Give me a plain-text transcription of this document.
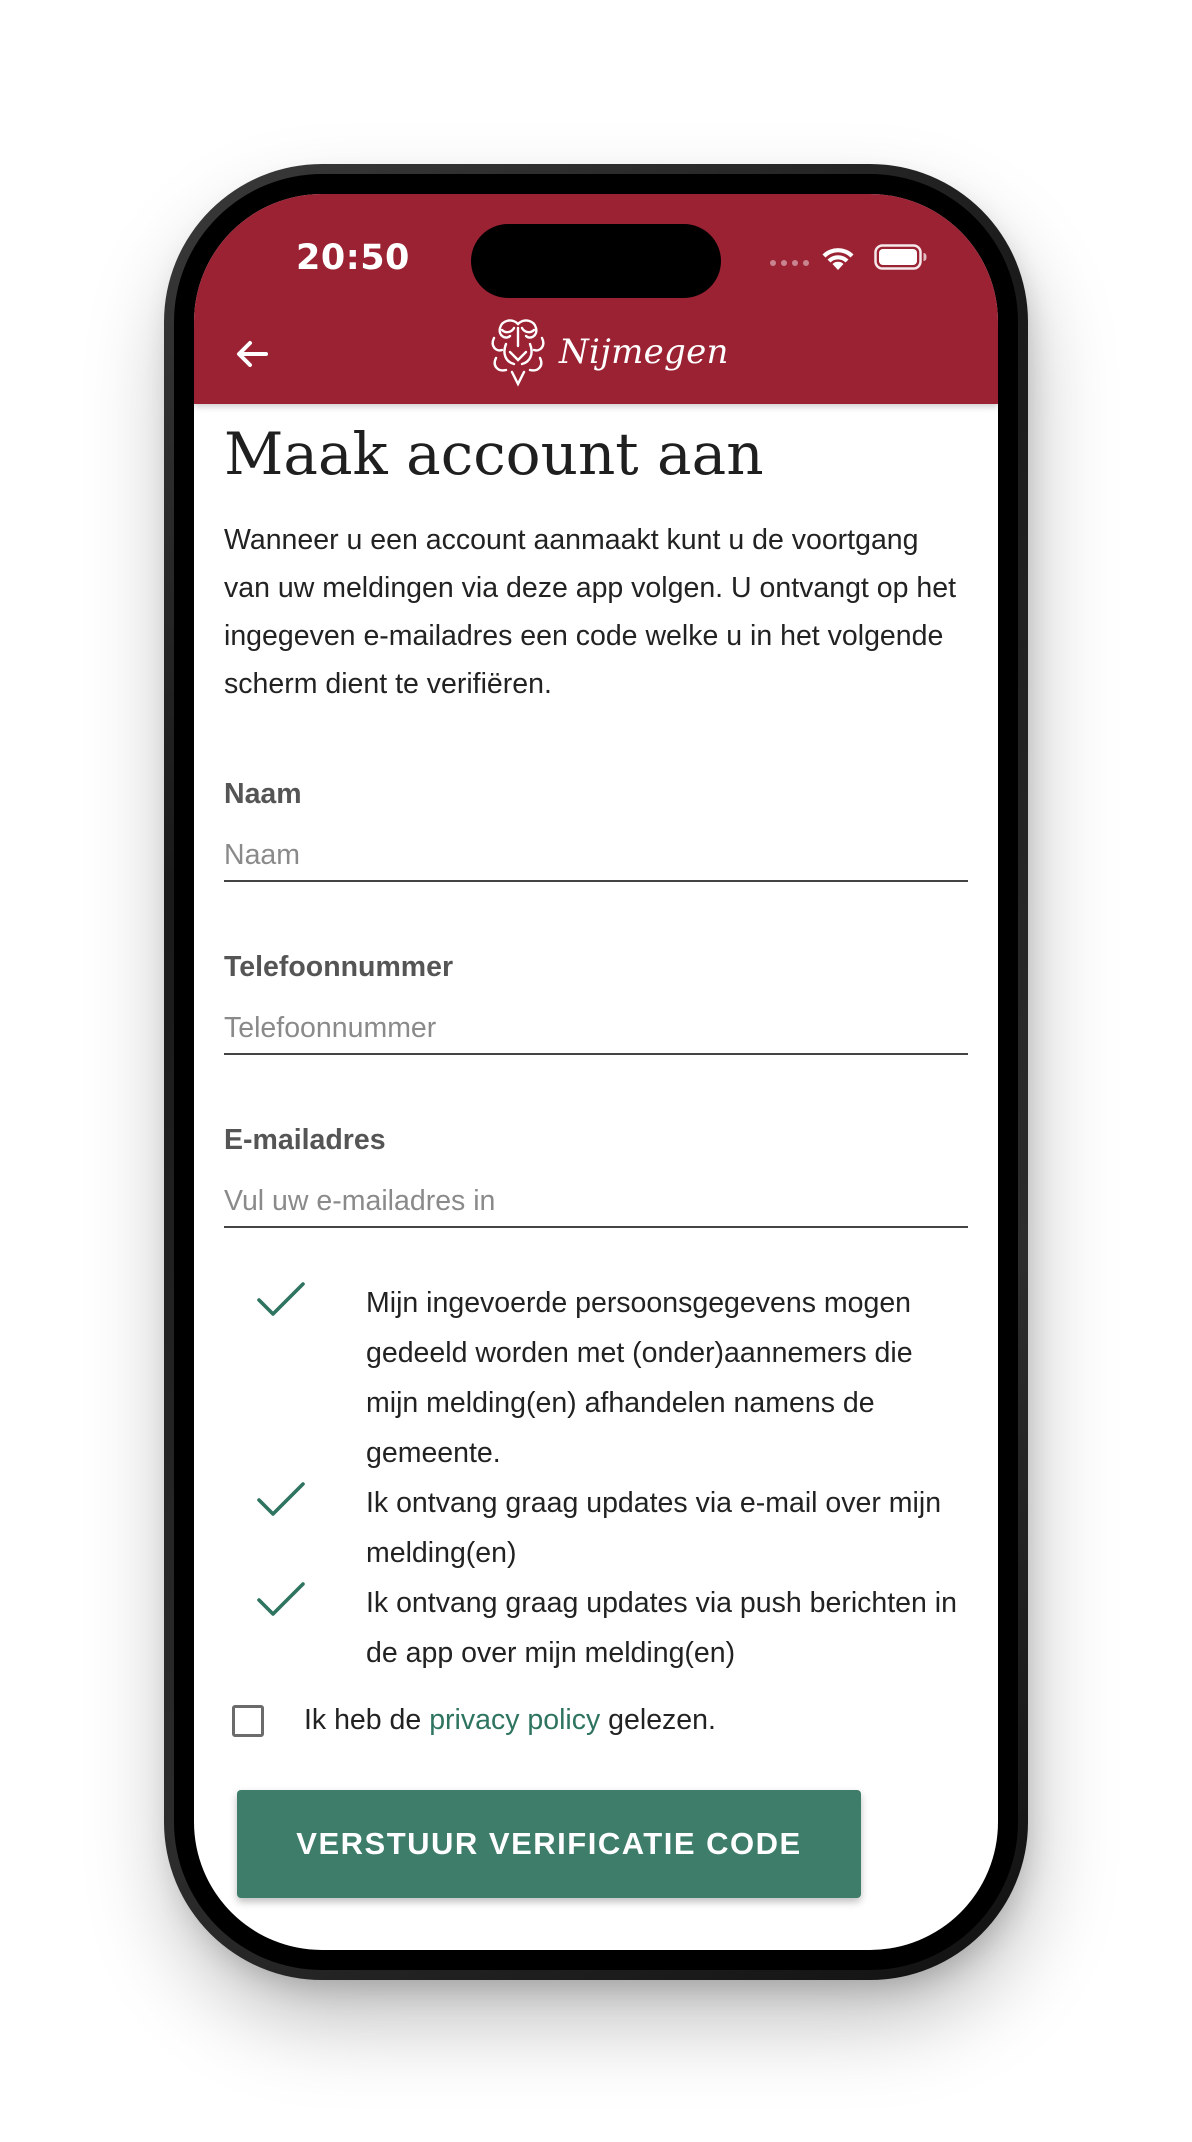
20:50
Nijmegen
Maak account aan

Wanneer u een account aanmaakt kunt u de voortgang van uw meldingen via deze app volgen. U ontvangt op het ingegeven e-mailadres een code welke u in het volgende scherm dient te verifiëren.

Naam
Naam
Telefoonnummer
Telefoonnummer
E-mailadres
Vul uw e-mailadres in
Mijn ingevoerde persoonsgegevens mogen gedeeld worden met (onder)aannemers die mijn melding(en) afhandelen namens de gemeente.
Ik ontvang graag updates via e-mail over mijn melding(en)
Ik ontvang graag updates via push berichten in de app over mijn melding(en)
Ik heb de privacy policy gelezen.
VERSTUUR VERIFICATIE CODE
